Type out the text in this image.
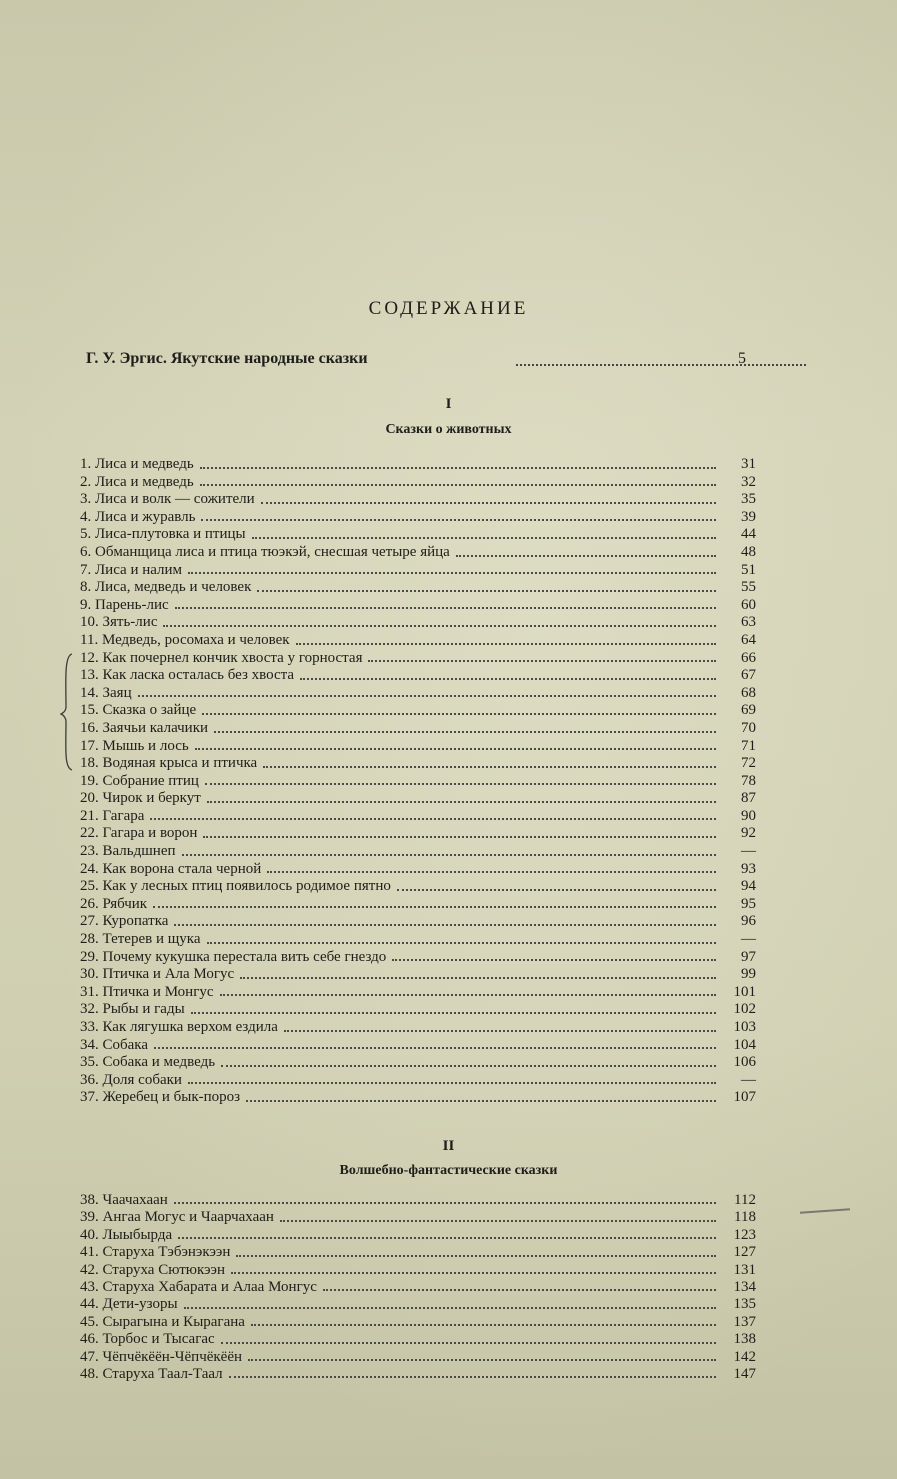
СОДЕРЖАНИЕ
Г. У. Эргис. Якутские народные сказки	5
I
Сказки о животных
1. Лиса и медведь	31
2. Лиса и медведь	32
3. Лиса и волк — сожители	35
4. Лиса и журавль	39
5. Лиса-плутовка и птицы	44
6. Обманщица лиса и птица тюэкэй, снесшая четыре яйца	48
7. Лиса и налим	51
8. Лиса, медведь и человек	55
9. Парень-лис	60
10. Зять-лис	63
11. Медведь, росомаха и человек	64
12. Как почернел кончик хвоста у горностая	66
13. Как ласка осталась без хвоста	67
14. Заяц	68
15. Сказка о зайце	69
16. Заячьи калачики	70
17. Мышь и лось	71
18. Водяная крыса и птичка	72
19. Собрание птиц	78
20. Чирок и беркут	87
21. Гагара	90
22. Гагара и ворон	92
23. Вальдшнеп	—
24. Как ворона стала черной	93
25. Как у лесных птиц появилось родимое пятно	94
26. Рябчик	95
27. Куропатка	96
28. Тетерев и щука	—
29. Почему кукушка перестала вить себе гнездо	97
30. Птичка и Ала Могус	99
31. Птичка и Монгус	101
32. Рыбы и гады	102
33. Как лягушка верхом ездила	103
34. Собака	104
35. Собака и медведь	106
36. Доля собаки	—
37. Жеребец и бык-пороз	107
II
Волшебно-фантастические сказки
38. Чаачахаан	112
39. Ангаа Могус и Чаарчахаан	118
40. Лыыбырда	123
41. Старуха Тэбэнэкээн	127
42. Старуха Сютюкээн	131
43. Старуха Хабарата и Алаа Монгус	134
44. Дети-узоры	135
45. Сырагына и Кырагана	137
46. Торбос и Тысагас	138
47. Чёпчёкёён-Чёпчёкёён	142
48. Старуха Таал-Таал	147
